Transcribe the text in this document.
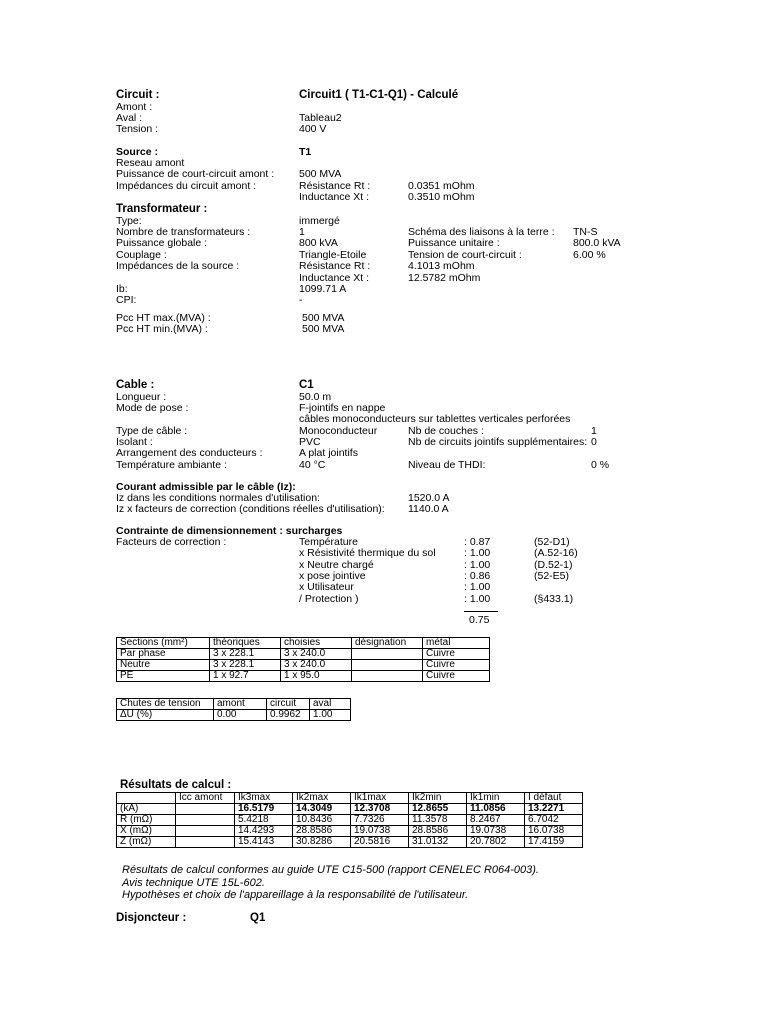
Circuit :	Circuit1 ( T1-C1-Q1) - Calculé
Amont :
Aval :	Tableau2
Tension :	400 V
Source :	T1
Reseau amont
Puissance de court-circuit amont : 500 MVA
Impédances du circuit amont :	Résistance Rt :	0.0351 mOhm
Inductance Xt :	0.3510 mOhm
Transformateur :
Type:	immergé
Nombre de transformateurs :	1	Schéma des liaisons à la terre : TN-S
Puissance globale :	800 kVA	Puissance unitaire :	800.0 kVA
Couplage :	Triangle-Etoile	Tension de court-circuit :	6.00 %
Impédances de la source :	Résistance Rt :	4.1013 mOhm
Inductance Xt :	12.5782 mOhm
Ib:	1099.71 A
CPI:	-
Pcc HT max.(MVA) :	500 MVA
Pcc HT min.(MVA) :	500 MVA
Cable :	C1
Longueur :	50.0 m
Mode de pose :	F-jointifs en nappe
câbles monoconducteurs sur tablettes verticales perforées
Type de câble :	Monoconducteur	Nb de couches :	1
Isolant :	PVC	Nb de circuits jointifs supplémentaires: 0
Arrangement des conducteurs :	A plat jointifs
Température ambiante :	40 °C	Niveau de THDI:	0 %
Courant admissible par le câble (Iz):
Iz dans les conditions normales d'utilisation:	1520.0 A
Iz x facteurs de correction (conditions réelles d'utilisation): 1140.0 A
Contrainte de dimensionnement : surcharges
Facteurs de correction :	Température	: 0.87	(52-D1)
x Résistivité thermique du sol	: 1.00	(A.52-16)
x Neutre chargé	: 1.00	(D.52-1)
x pose jointive	: 0.86	(52-E5)
x Utilisateur	: 1.00
/ Protection )	: 1.00	(§433.1)
0.75
Sections (mm²)	théoriques	choisies	désignation	métal
Par phase	3 x 228.1	3 x 240.0		Cuivre
Neutre	3 x 228.1	3 x 240.0		Cuivre
PE	1 x 92.7	1 x 95.0		Cuivre
Chutes de tension	amont	circuit	aval
ΔU (%)	0.00	0.9962	1.00
Résultats de calcul :
	Icc amont	Ik3max	Ik2max	Ik1max	Ik2min	Ik1min	I défaut
(kA)		16.5179	14.3049	12.3708	12.8655	11.0856	13.2271
R (mΩ)		5.4218	10.8436	7.7326	11.3578	8.2467	6.7042
X (mΩ)		14.4293	28.8586	19.0738	28.8586	19.0738	16.0738
Z (mΩ)		15.4143	30.8286	20.5816	31.0132	20.7802	17.4159
Résultats de calcul conformes au guide UTE C15-500 (rapport CENELEC R064-003).
Avis technique UTE 15L-602.
Hypothèses et choix de l'appareillage à la responsabilité de l'utilisateur.
Disjoncteur :	Q1
